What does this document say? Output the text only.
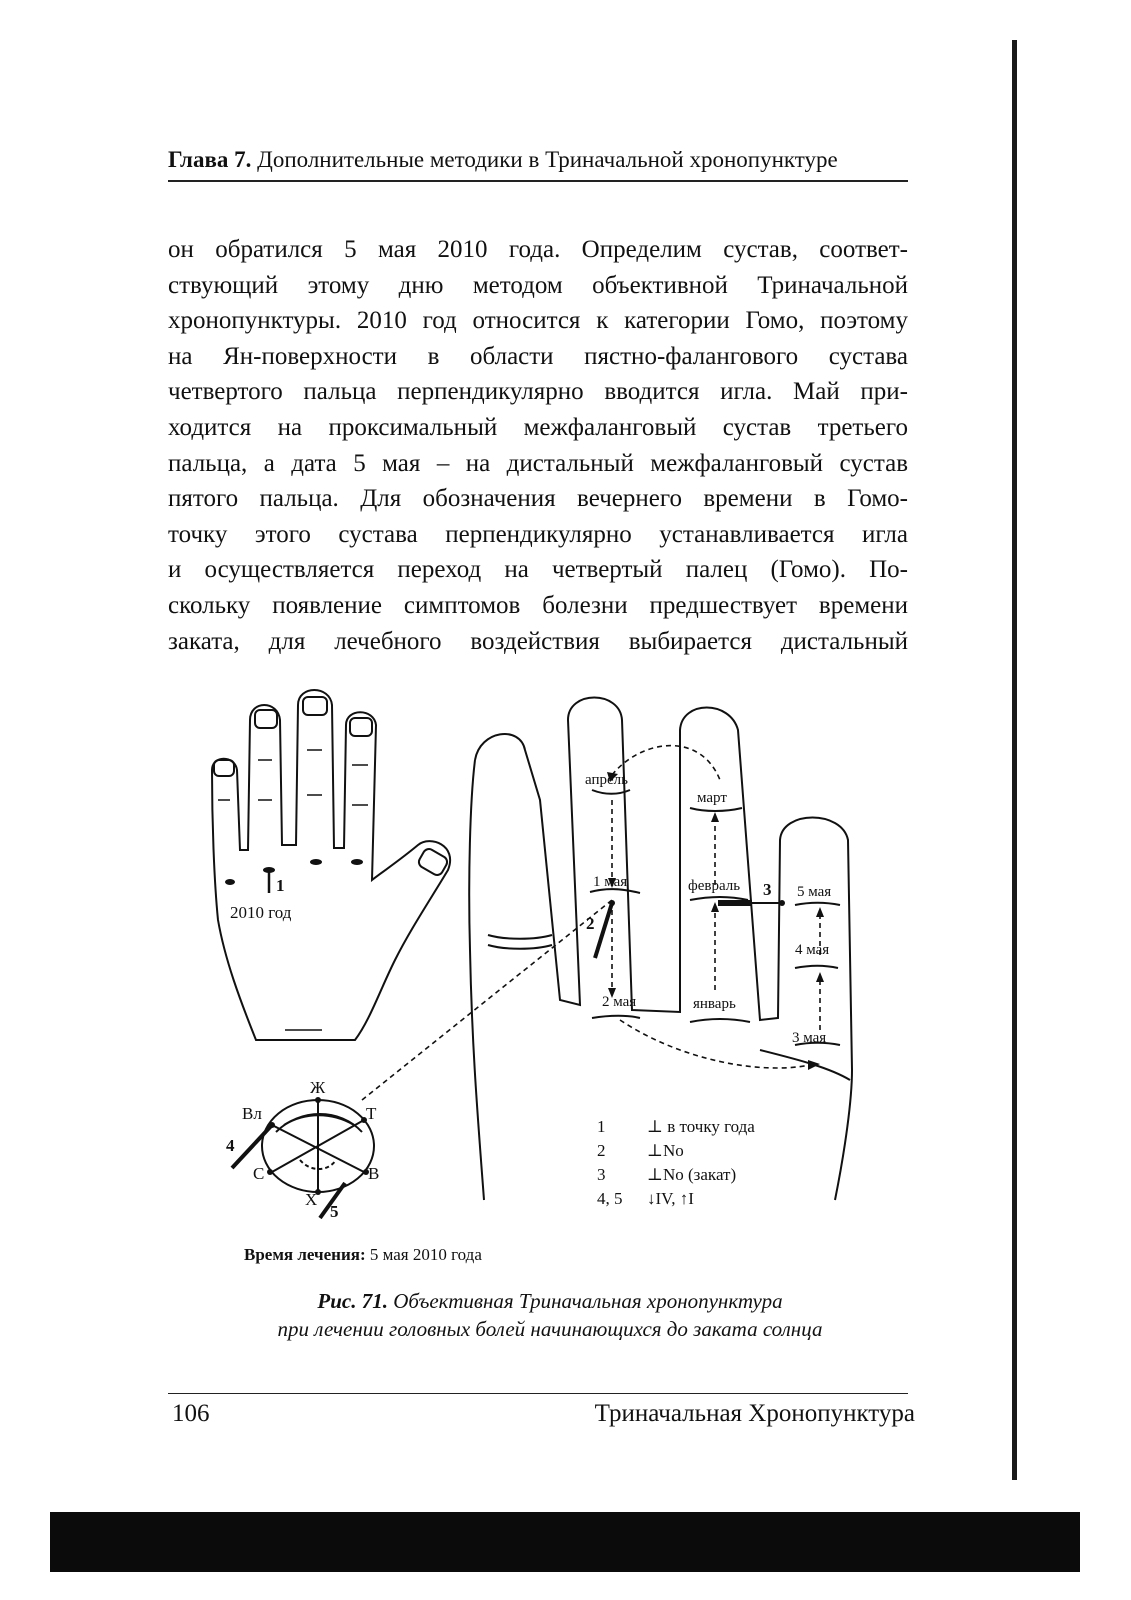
Глава 7. Дополнительные методики в Триначальной хронопунктуре
он обратился 5 мая 2010 года. Определим сустав, соответ-
ствующий этому дню методом объективной Триначальной
хронопунктуры. 2010 год относится к категории Гомо, поэтому
на Ян-поверхности в области пястно-фалангового сустава
четвертого пальца перпендикулярно вводится игла. Май при-
ходится на проксимальный межфаланговый сустав третьего
пальца, а дата 5 мая – на дистальный межфаланговый сустав
пятого пальца. Для обозначения вечернего времени в Гомо-
точку этого сустава перпендикулярно устанавливается игла
и осуществляется переход на четвертый палец (Гомо). По-
скольку появление симптомов болезни предшествует времени
заката, для лечебного воздействия выбирается дистальный
1
2010 год
апрель
март
февраль
январь
1 мая
2 мая
3 мая
4 мая
5 мая
2
3
Ж
Х
С	В
Вл	Т
4
5
1	⊥ в точку года
2	⊥No
3	⊥No (закат)
4, 5	↓IV, ↑I
Время лечения: 5 мая 2010 года
Рис. 71. Объективная Триначальная хронопунктура
при лечении головных болей начинающихся до заката солнца
106	Триначальная Хронопунктура
